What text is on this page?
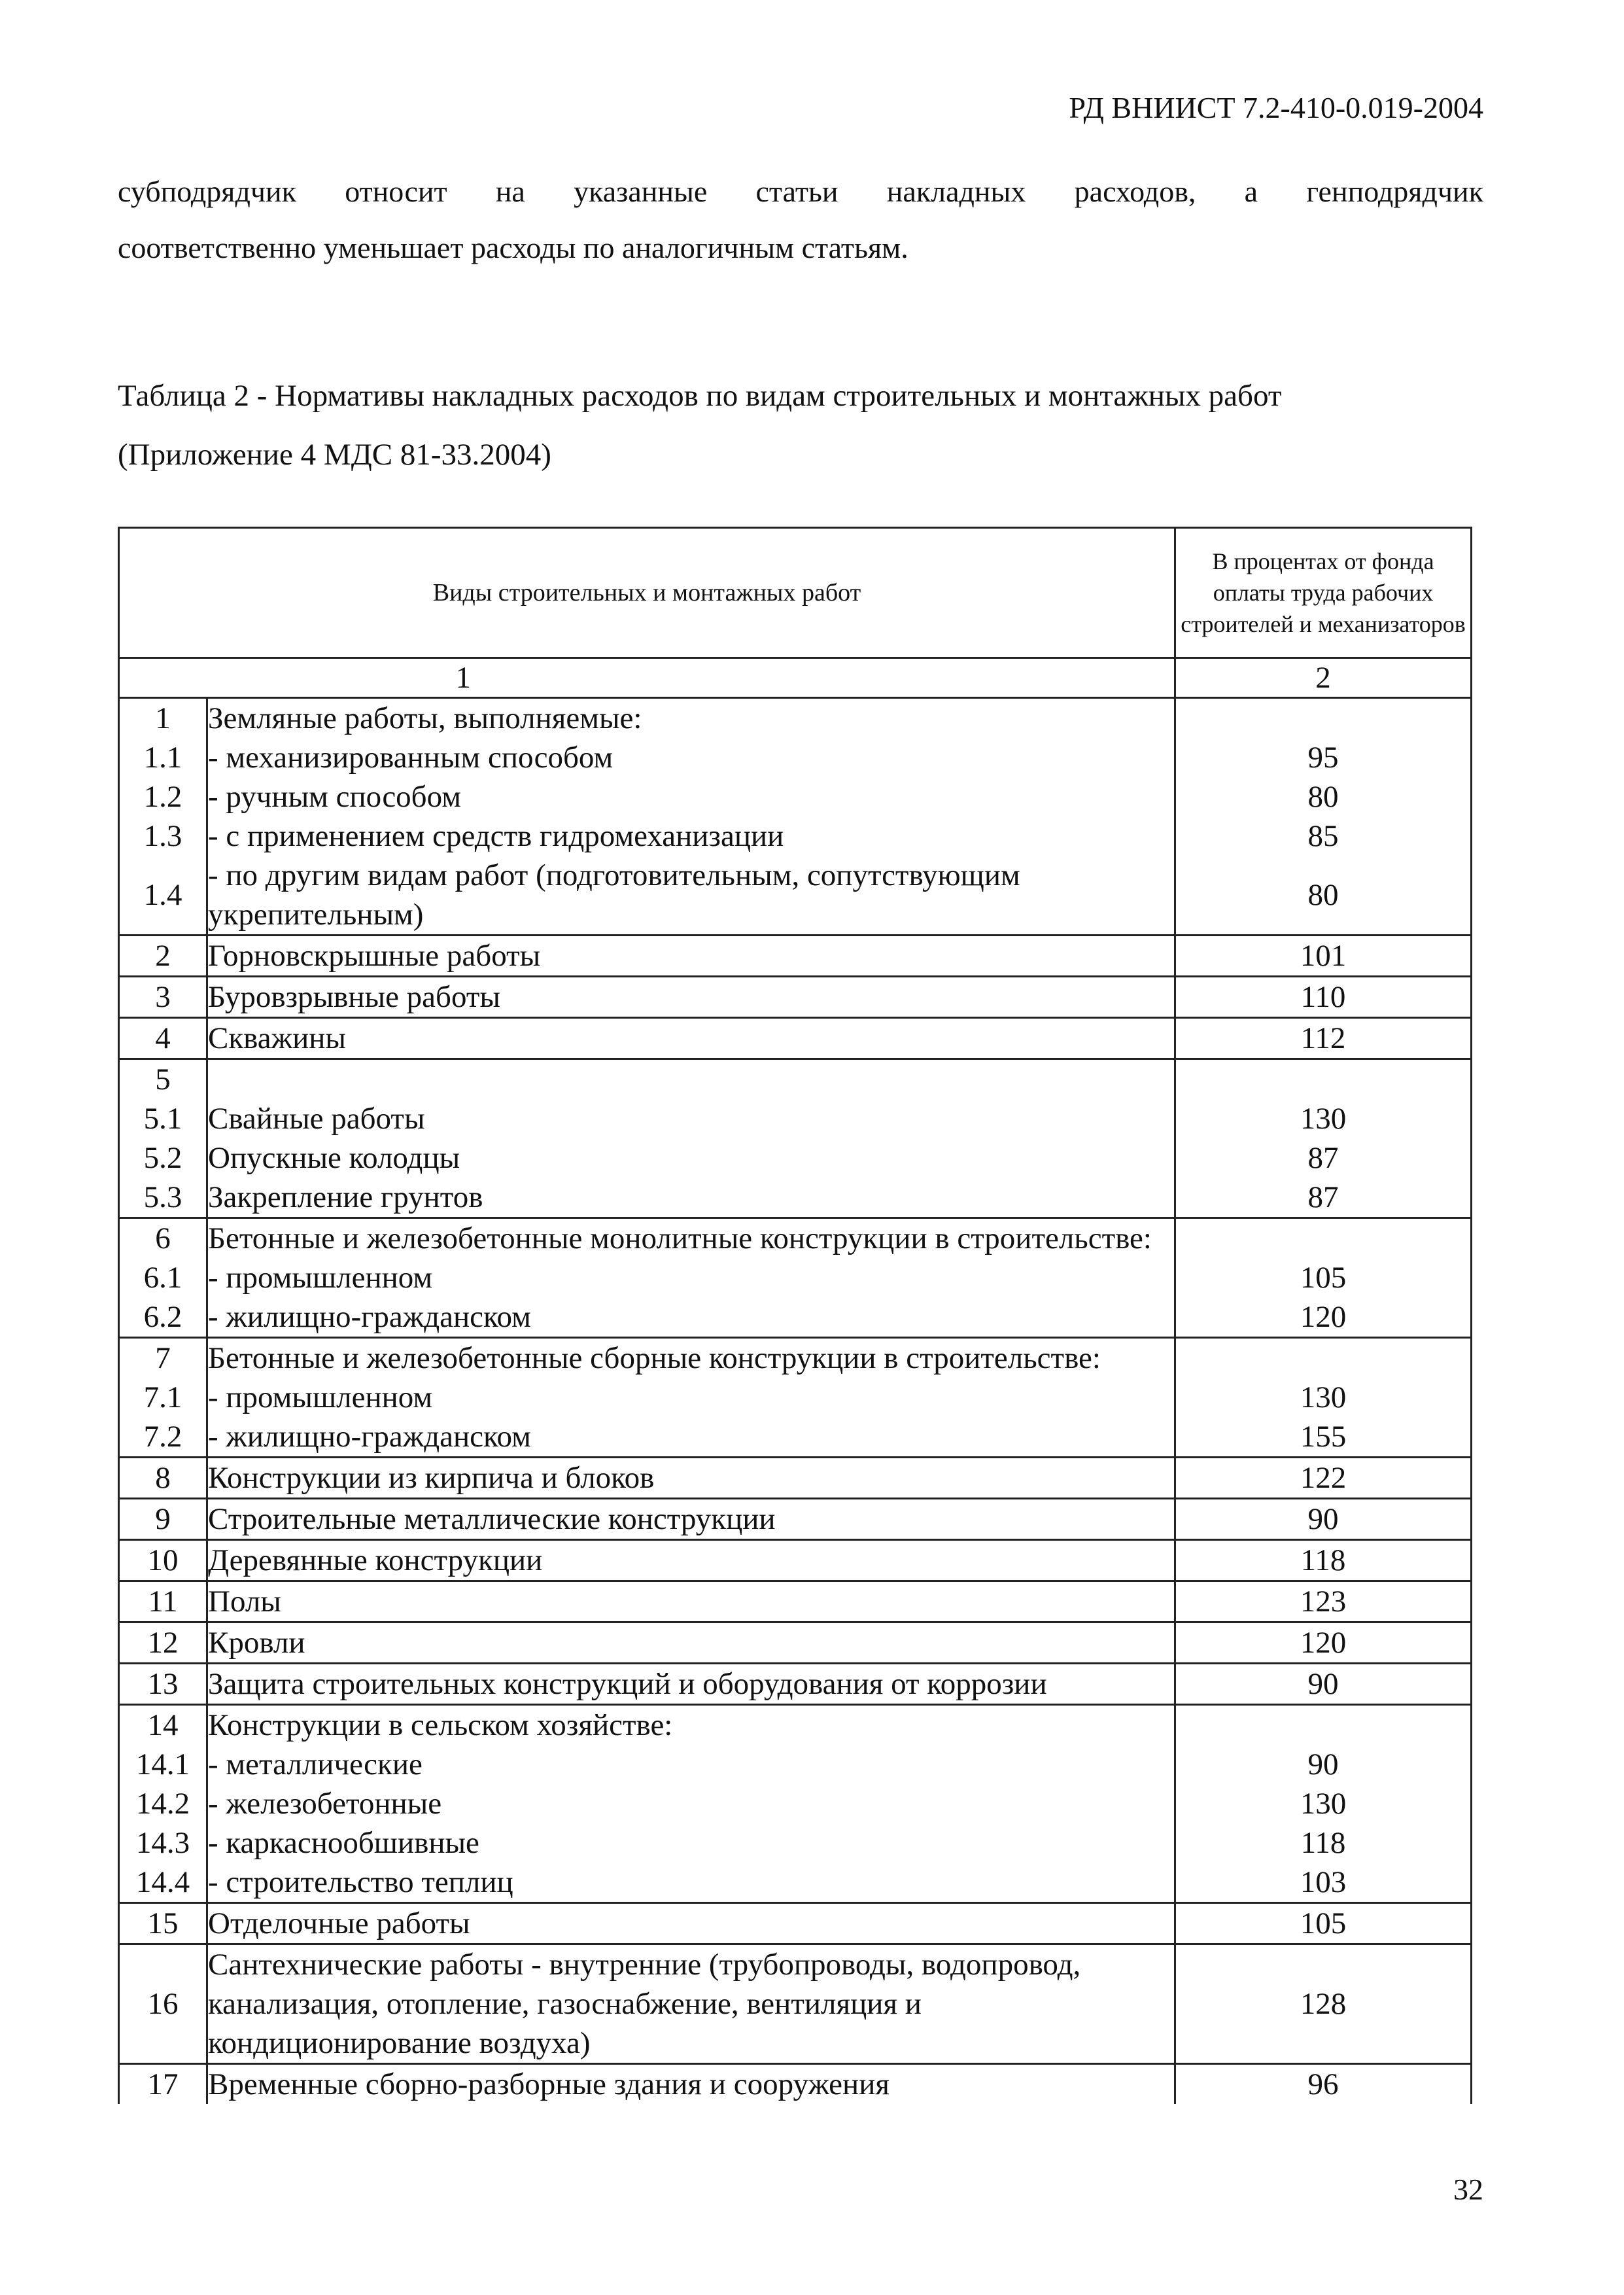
РД ВНИИСТ 7.2-410-0.019-2004
субподрядчик относит на указанные статьи накладных расходов, а генподрядчик
соответственно уменьшает расходы по аналогичным статьям.
Таблица 2 - Нормативы накладных расходов по видам строительных и монтажных работ
(Приложение 4 МДС 81-33.2004)
Виды строительных и монтажных работ		В процентах от фонда оплаты труда рабочих строителей и механизаторов
	1	2
1	Земляные работы, выполняемые:	
1.1	- механизированным способом	95
1.2	- ручным способом	80
1.3	- с применением средств гидромеханизации	85
1.4	- по другим видам работ (подготовительным, сопутствующим укрепительным)	80
2	Горновскрышные работы	101
3	Буровзрывные работы	110
4	Скважины	112
5		
5.1	Свайные работы	130
5.2	Опускные колодцы	87
5.3	Закрепление грунтов	87
6	Бетонные и железобетонные монолитные конструкции в строительстве:	
6.1	- промышленном	105
6.2	- жилищно-гражданском	120
7	Бетонные и железобетонные сборные конструкции в строительстве:	
7.1	- промышленном	130
7.2	- жилищно-гражданском	155
8	Конструкции из кирпича и блоков	122
9	Строительные металлические конструкции	90
10	Деревянные конструкции	118
11	Полы	123
12	Кровли	120
13	Защита строительных конструкций и оборудования от коррозии	90
14	Конструкции в сельском хозяйстве:	
14.1	- металлические	90
14.2	- железобетонные	130
14.3	- каркаснообшивные	118
14.4	- строительство теплиц	103
15	Отделочные работы	105
16	Сантехнические работы - внутренние (трубопроводы, водопровод, канализация, отопление, газоснабжение, вентиляция и кондиционирование воздуха)	128
17	Временные сборно-разборные здания и сооружения	96
32
